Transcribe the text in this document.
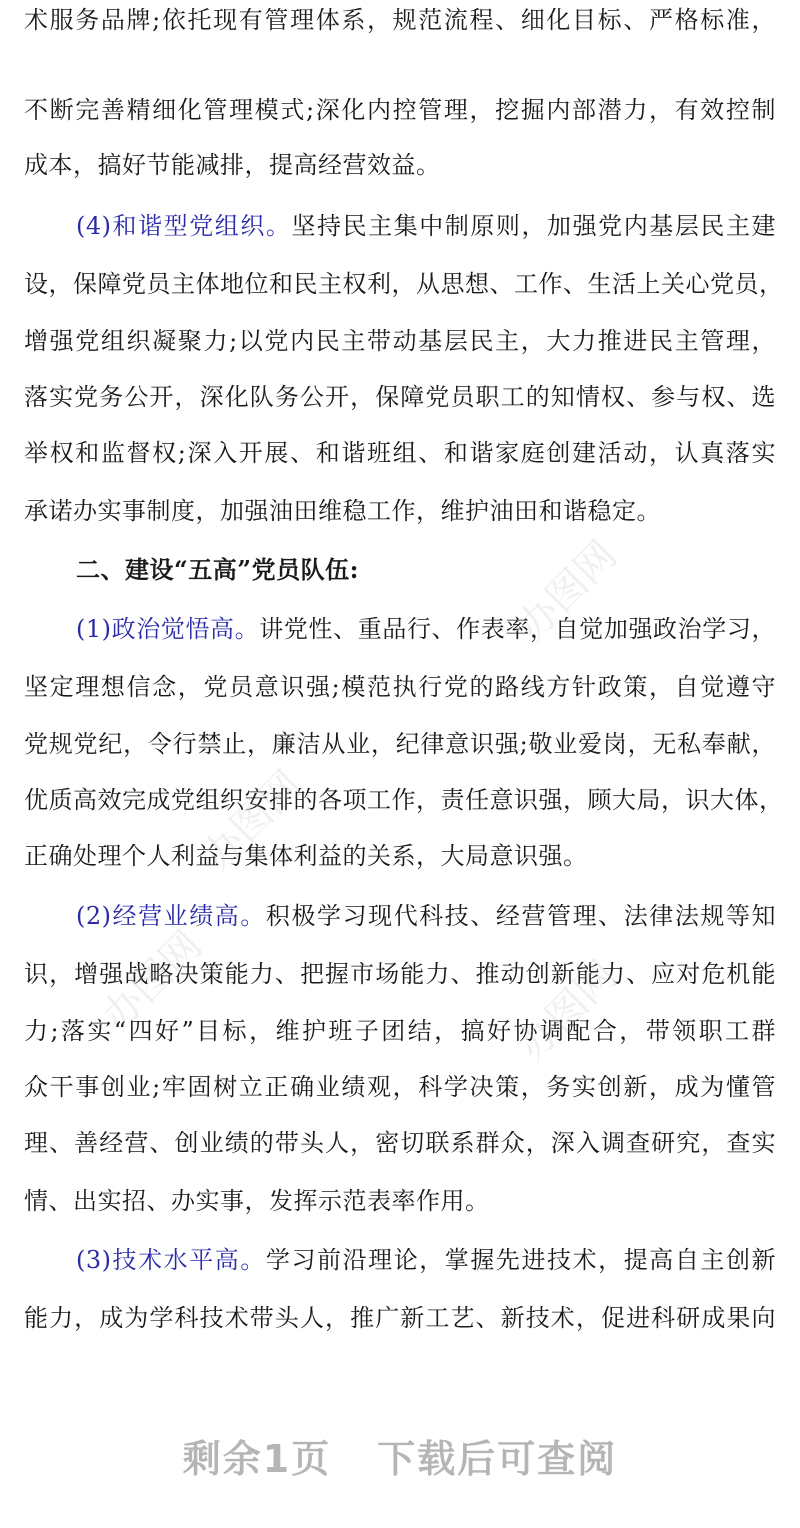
术服务品牌;依托现有管理体系，规范流程、细化目标、严格标准，
不断完善精细化管理模式;深化内控管理，挖掘内部潜力，有效控制
成本，搞好节能减排，提高经营效益。
(4)和谐型党组织。坚持民主集中制原则，加强党内基层民主建
设，保障党员主体地位和民主权利，从思想、工作、生活上关心党员，
增强党组织凝聚力;以党内民主带动基层民主，大力推进民主管理，
落实党务公开，深化队务公开，保障党员职工的知情权、参与权、选
举权和监督权;深入开展、和谐班组、和谐家庭创建活动，认真落实
承诺办实事制度，加强油田维稳工作，维护油田和谐稳定。
二、建设“五高”党员队伍:
(1)政治觉悟高。讲党性、重品行、作表率，自觉加强政治学习，
坚定理想信念，党员意识强;模范执行党的路线方针政策，自觉遵守
党规党纪，令行禁止，廉洁从业，纪律意识强;敬业爱岗，无私奉献，
优质高效完成党组织安排的各项工作，责任意识强，顾大局，识大体，
正确处理个人利益与集体利益的关系，大局意识强。
(2)经营业绩高。积极学习现代科技、经营管理、法律法规等知
识，增强战略决策能力、把握市场能力、推动创新能力、应对危机能
力;落实“四好”目标，维护班子团结，搞好协调配合，带领职工群
众干事创业;牢固树立正确业绩观，科学决策，务实创新，成为懂管
理、善经营、创业绩的带头人，密切联系群众，深入调查研究，查实
情、出实招、办实事，发挥示范表率作用。
(3)技术水平高。学习前沿理论，掌握先进技术，提高自主创新
能力，成为学科技术带头人，推广新工艺、新技术，促进科研成果向
办图网
办图网
办图网
办图网
剩余1页 下载后可查阅
